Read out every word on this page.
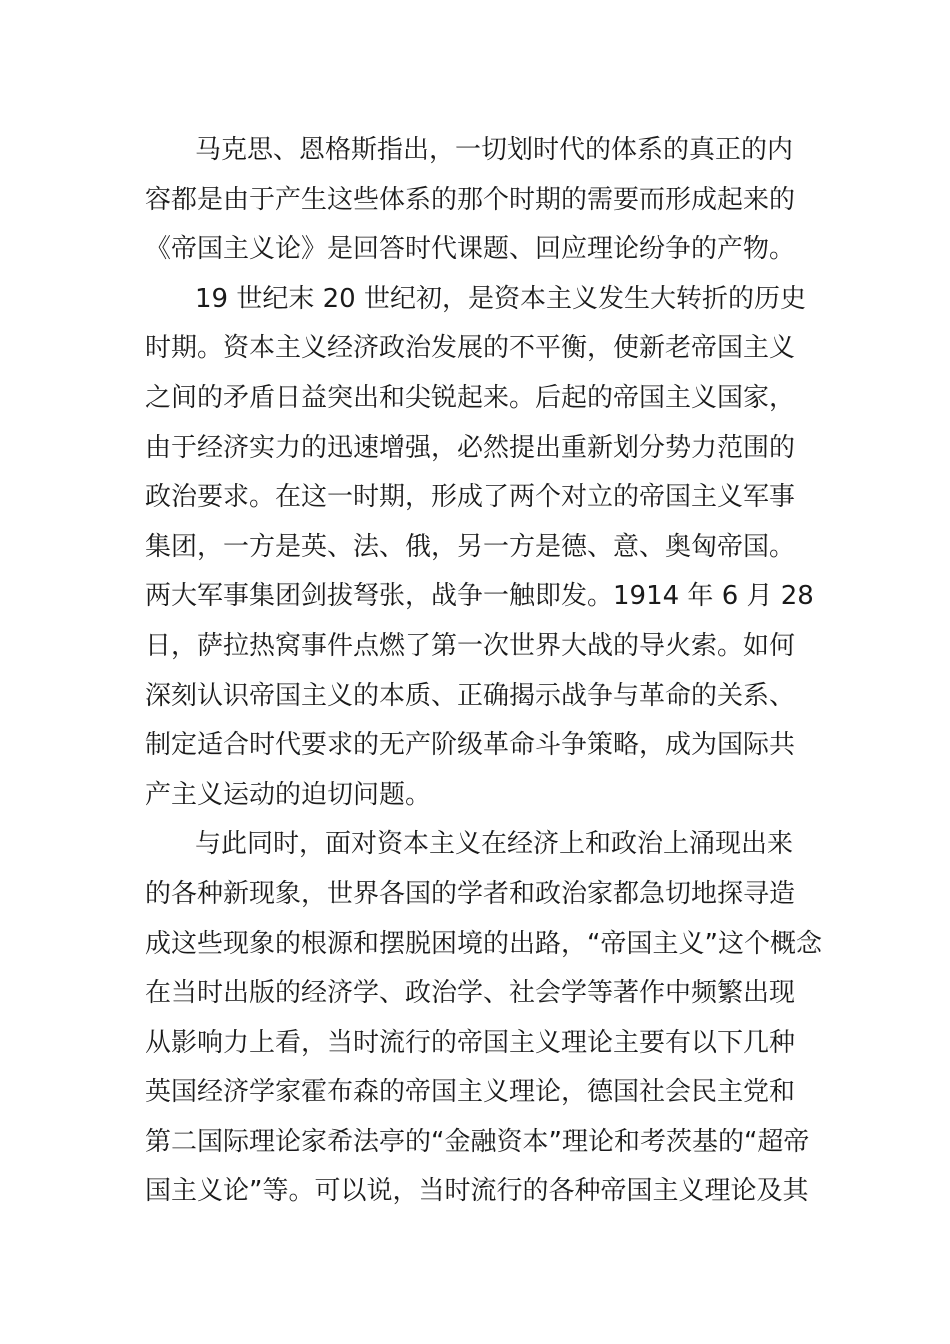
马克思、恩格斯指出，一切划时代的体系的真正的内
容都是由于产生这些体系的那个时期的需要而形成起来的
《帝国主义论》是回答时代课题、回应理论纷争的产物。
19 世纪末 20 世纪初，是资本主义发生大转折的历史
时期。资本主义经济政治发展的不平衡，使新老帝国主义
之间的矛盾日益突出和尖锐起来。后起的帝国主义国家，
由于经济实力的迅速增强，必然提出重新划分势力范围的
政治要求。在这一时期，形成了两个对立的帝国主义军事
集团，一方是英、法、俄，另一方是德、意、奥匈帝国。
两大军事集团剑拔弩张，战争一触即发。1914 年 6 月 28
日，萨拉热窝事件点燃了第一次世界大战的导火索。如何
深刻认识帝国主义的本质、正确揭示战争与革命的关系、
制定适合时代要求的无产阶级革命斗争策略，成为国际共
产主义运动的迫切问题。
与此同时，面对资本主义在经济上和政治上涌现出来
的各种新现象，世界各国的学者和政治家都急切地探寻造
成这些现象的根源和摆脱困境的出路，“帝国主义”这个概念
在当时出版的经济学、政治学、社会学等著作中频繁出现
从影响力上看，当时流行的帝国主义理论主要有以下几种
英国经济学家霍布森的帝国主义理论，德国社会民主党和
第二国际理论家希法亭的“金融资本”理论和考茨基的“超帝
国主义论”等。可以说，当时流行的各种帝国主义理论及其
